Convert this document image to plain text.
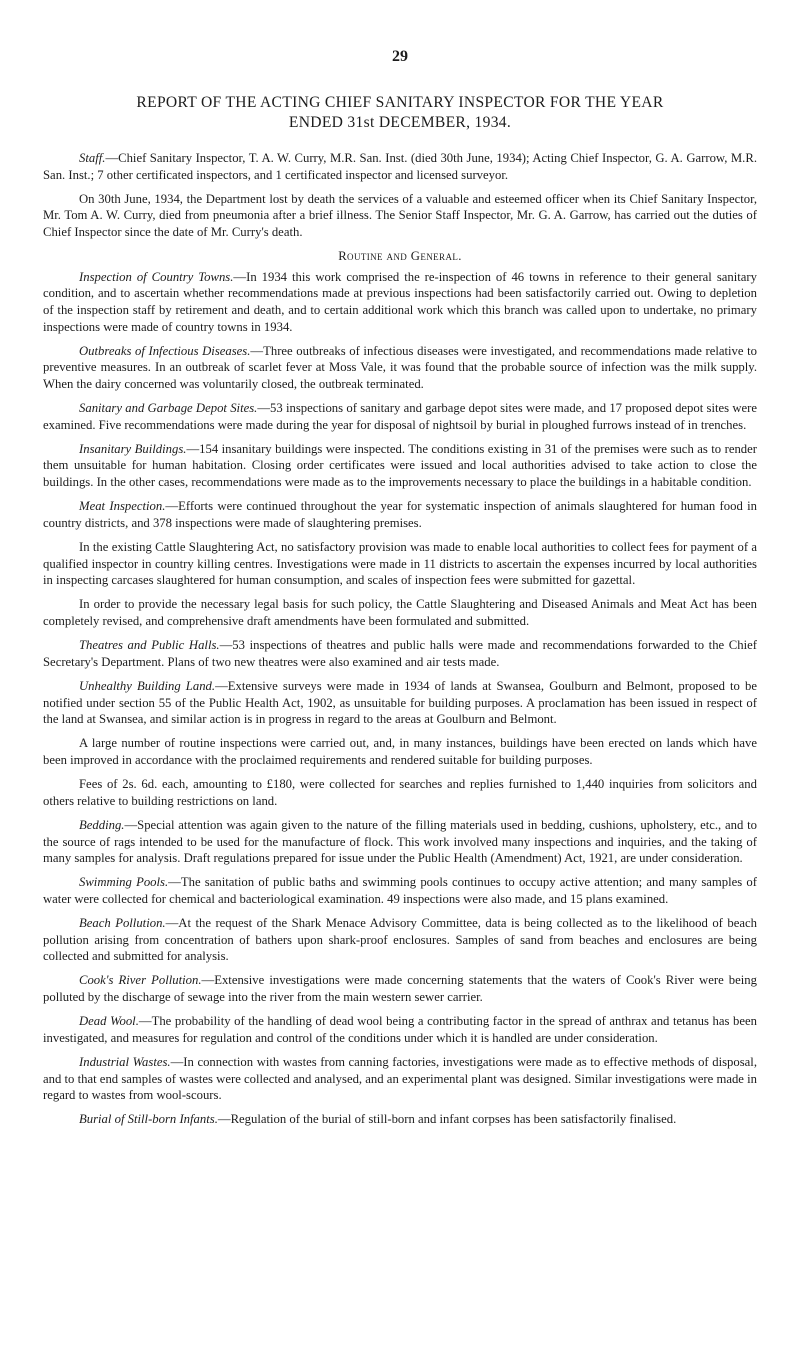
29
REPORT OF THE ACTING CHIEF SANITARY INSPECTOR FOR THE YEAR
ENDED 31st DECEMBER, 1934.

Staff.—Chief Sanitary Inspector, T. A. W. Curry, M.R. San. Inst. (died 30th June, 1934); Acting Chief Inspector, G. A. Garrow, M.R. San. Inst.; 7 other certificated inspectors, and 1 certificated inspector and licensed surveyor.

On 30th June, 1934, the Department lost by death the services of a valuable and esteemed officer when its Chief Sanitary Inspector, Mr. Tom A. W. Curry, died from pneumonia after a brief illness. The Senior Staff Inspector, Mr. G. A. Garrow, has carried out the duties of Chief Inspector since the date of Mr. Curry's death.

Routine and General.

Inspection of Country Towns.—In 1934 this work comprised the re-inspection of 46 towns in reference to their general sanitary condition, and to ascertain whether recommendations made at previous inspections had been satisfactorily carried out. Owing to depletion of the inspection staff by retirement and death, and to certain additional work which this branch was called upon to undertake, no primary inspections were made of country towns in 1934.

Outbreaks of Infectious Diseases.—Three outbreaks of infectious diseases were investigated, and recommendations made relative to preventive measures. In an outbreak of scarlet fever at Moss Vale, it was found that the probable source of infection was the milk supply. When the dairy concerned was voluntarily closed, the outbreak terminated.

Sanitary and Garbage Depot Sites.—53 inspections of sanitary and garbage depot sites were made, and 17 proposed depot sites were examined. Five recommendations were made during the year for disposal of nightsoil by burial in ploughed furrows instead of in trenches.

Insanitary Buildings.—154 insanitary buildings were inspected. The conditions existing in 31 of the premises were such as to render them unsuitable for human habitation. Closing order certificates were issued and local authorities advised to take action to close the buildings. In the other cases, recommendations were made as to the improvements necessary to place the buildings in a habitable condition.

Meat Inspection.—Efforts were continued throughout the year for systematic inspection of animals slaughtered for human food in country districts, and 378 inspections were made of slaughtering premises.

In the existing Cattle Slaughtering Act, no satisfactory provision was made to enable local authorities to collect fees for payment of a qualified inspector in country killing centres. Investigations were made in 11 districts to ascertain the expenses incurred by local authorities in inspecting carcases slaughtered for human consumption, and scales of inspection fees were submitted for gazettal.

In order to provide the necessary legal basis for such policy, the Cattle Slaughtering and Diseased Animals and Meat Act has been completely revised, and comprehensive draft amendments have been formulated and submitted.

Theatres and Public Halls.—53 inspections of theatres and public halls were made and recommendations forwarded to the Chief Secretary's Department. Plans of two new theatres were also examined and air tests made.

Unhealthy Building Land.—Extensive surveys were made in 1934 of lands at Swansea, Goulburn and Belmont, proposed to be notified under section 55 of the Public Health Act, 1902, as unsuitable for building purposes. A proclamation has been issued in respect of the land at Swansea, and similar action is in progress in regard to the areas at Goulburn and Belmont.

A large number of routine inspections were carried out, and, in many instances, buildings have been erected on lands which have been improved in accordance with the proclaimed requirements and rendered suitable for building purposes.

Fees of 2s. 6d. each, amounting to £180, were collected for searches and replies furnished to 1,440 inquiries from solicitors and others relative to building restrictions on land.

Bedding.—Special attention was again given to the nature of the filling materials used in bedding, cushions, upholstery, etc., and to the source of rags intended to be used for the manufacture of flock. This work involved many inspections and inquiries, and the taking of many samples for analysis. Draft regulations prepared for issue under the Public Health (Amendment) Act, 1921, are under consideration.

Swimming Pools.—The sanitation of public baths and swimming pools continues to occupy active attention; and many samples of water were collected for chemical and bacteriological examination. 49 inspections were also made, and 15 plans examined.

Beach Pollution.—At the request of the Shark Menace Advisory Committee, data is being collected as to the likelihood of beach pollution arising from concentration of bathers upon shark-proof enclosures. Samples of sand from beaches and enclosures are being collected and submitted for analysis.

Cook's River Pollution.—Extensive investigations were made concerning statements that the waters of Cook's River were being polluted by the discharge of sewage into the river from the main western sewer carrier.

Dead Wool.—The probability of the handling of dead wool being a contributing factor in the spread of anthrax and tetanus has been investigated, and measures for regulation and control of the conditions under which it is handled are under consideration.

Industrial Wastes.—In connection with wastes from canning factories, investigations were made as to effective methods of disposal, and to that end samples of wastes were collected and analysed, and an experimental plant was designed. Similar investigations were made in regard to wastes from wool-scours.

Burial of Still-born Infants.—Regulation of the burial of still-born and infant corpses has been satisfactorily finalised.
